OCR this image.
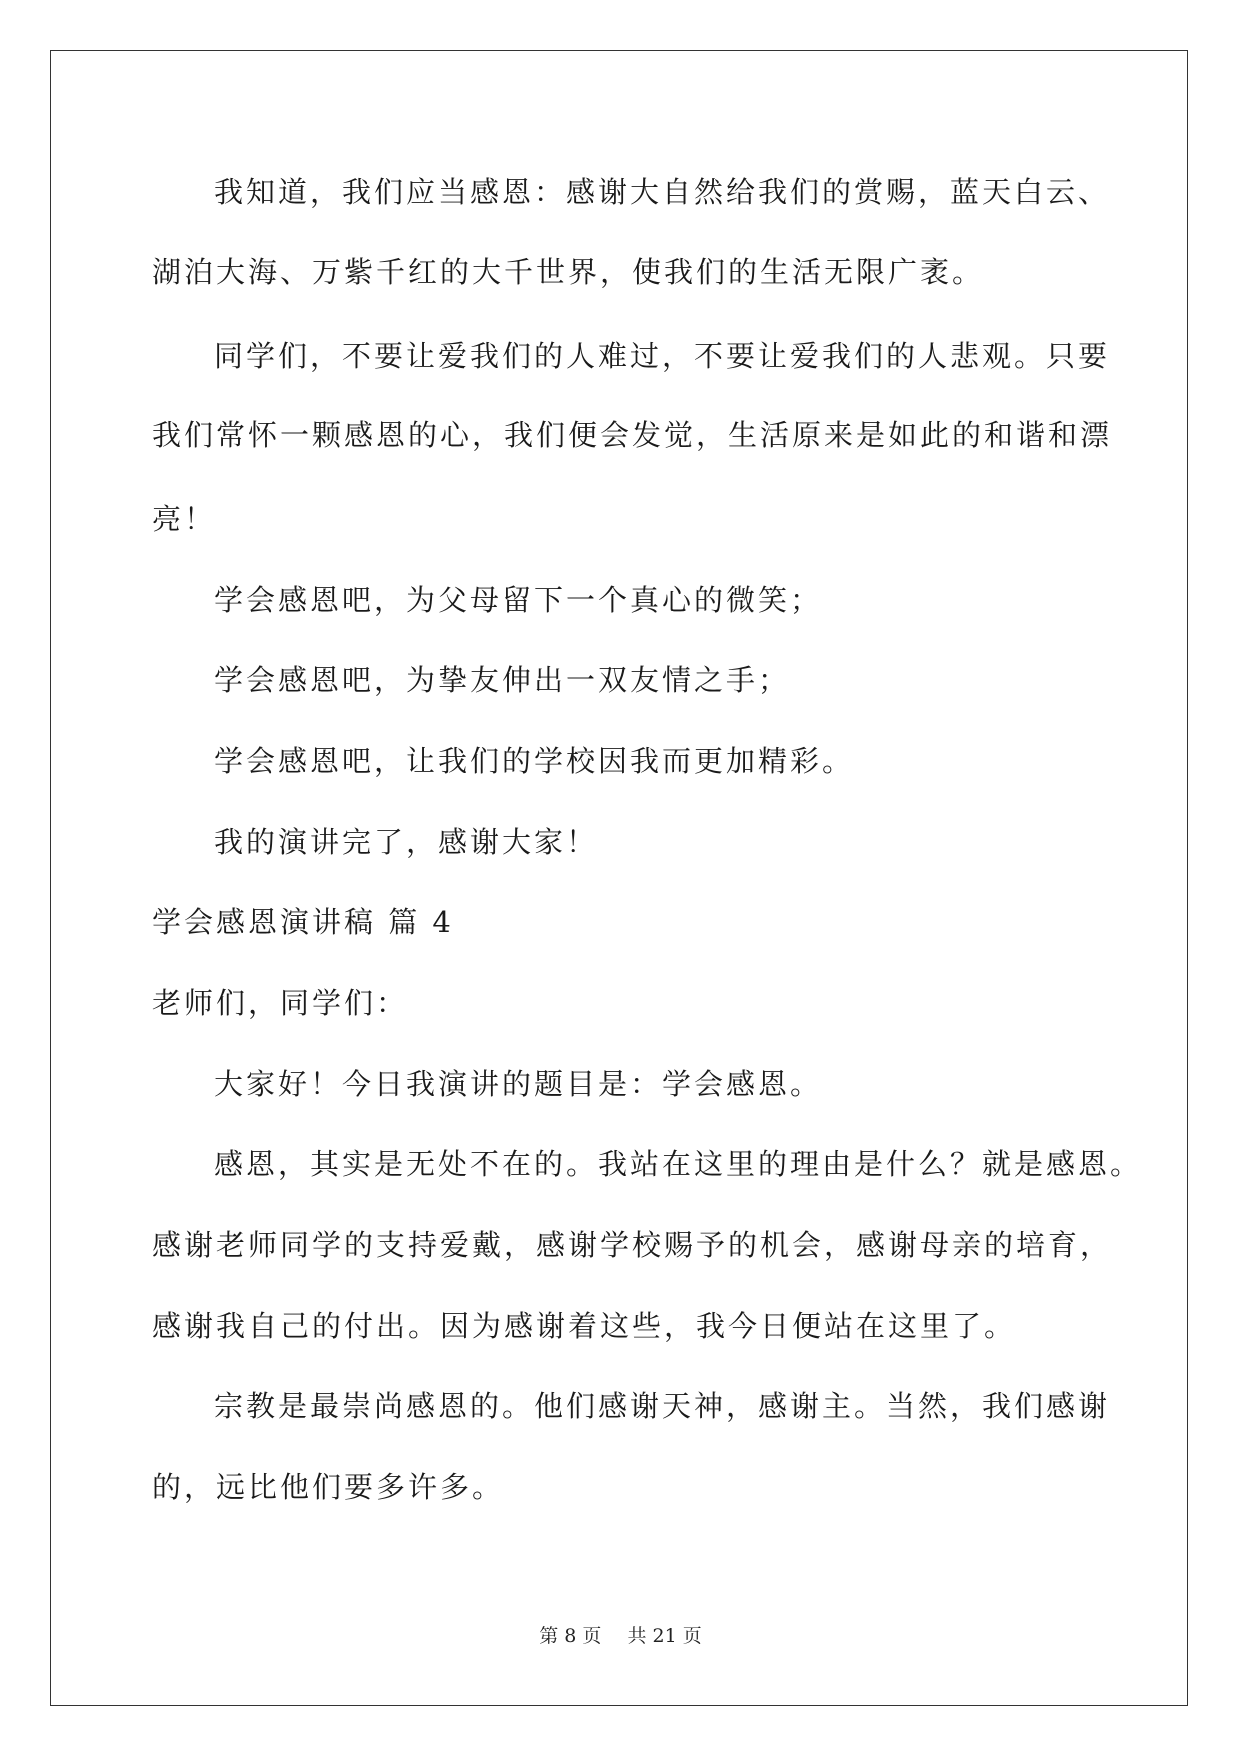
我知道，我们应当感恩：感谢大自然给我们的赏赐，蓝天白云、
湖泊大海、万紫千红的大千世界，使我们的生活无限广袤。
同学们，不要让爱我们的人难过，不要让爱我们的人悲观。只要
我们常怀一颗感恩的心，我们便会发觉，生活原来是如此的和谐和漂
亮！
学会感恩吧，为父母留下一个真心的微笑；
学会感恩吧，为挚友伸出一双友情之手；
学会感恩吧，让我们的学校因我而更加精彩。
我的演讲完了，感谢大家！
学会感恩演讲稿 篇 4
老师们，同学们：
大家好！今日我演讲的题目是：学会感恩。
感恩，其实是无处不在的。我站在这里的理由是什么？就是感恩。
感谢老师同学的支持爱戴，感谢学校赐予的机会，感谢母亲的培育，
感谢我自己的付出。因为感谢着这些，我今日便站在这里了。
宗教是最崇尚感恩的。他们感谢天神，感谢主。当然，我们感谢
的，远比他们要多许多。
第 8 页 共 21 页
